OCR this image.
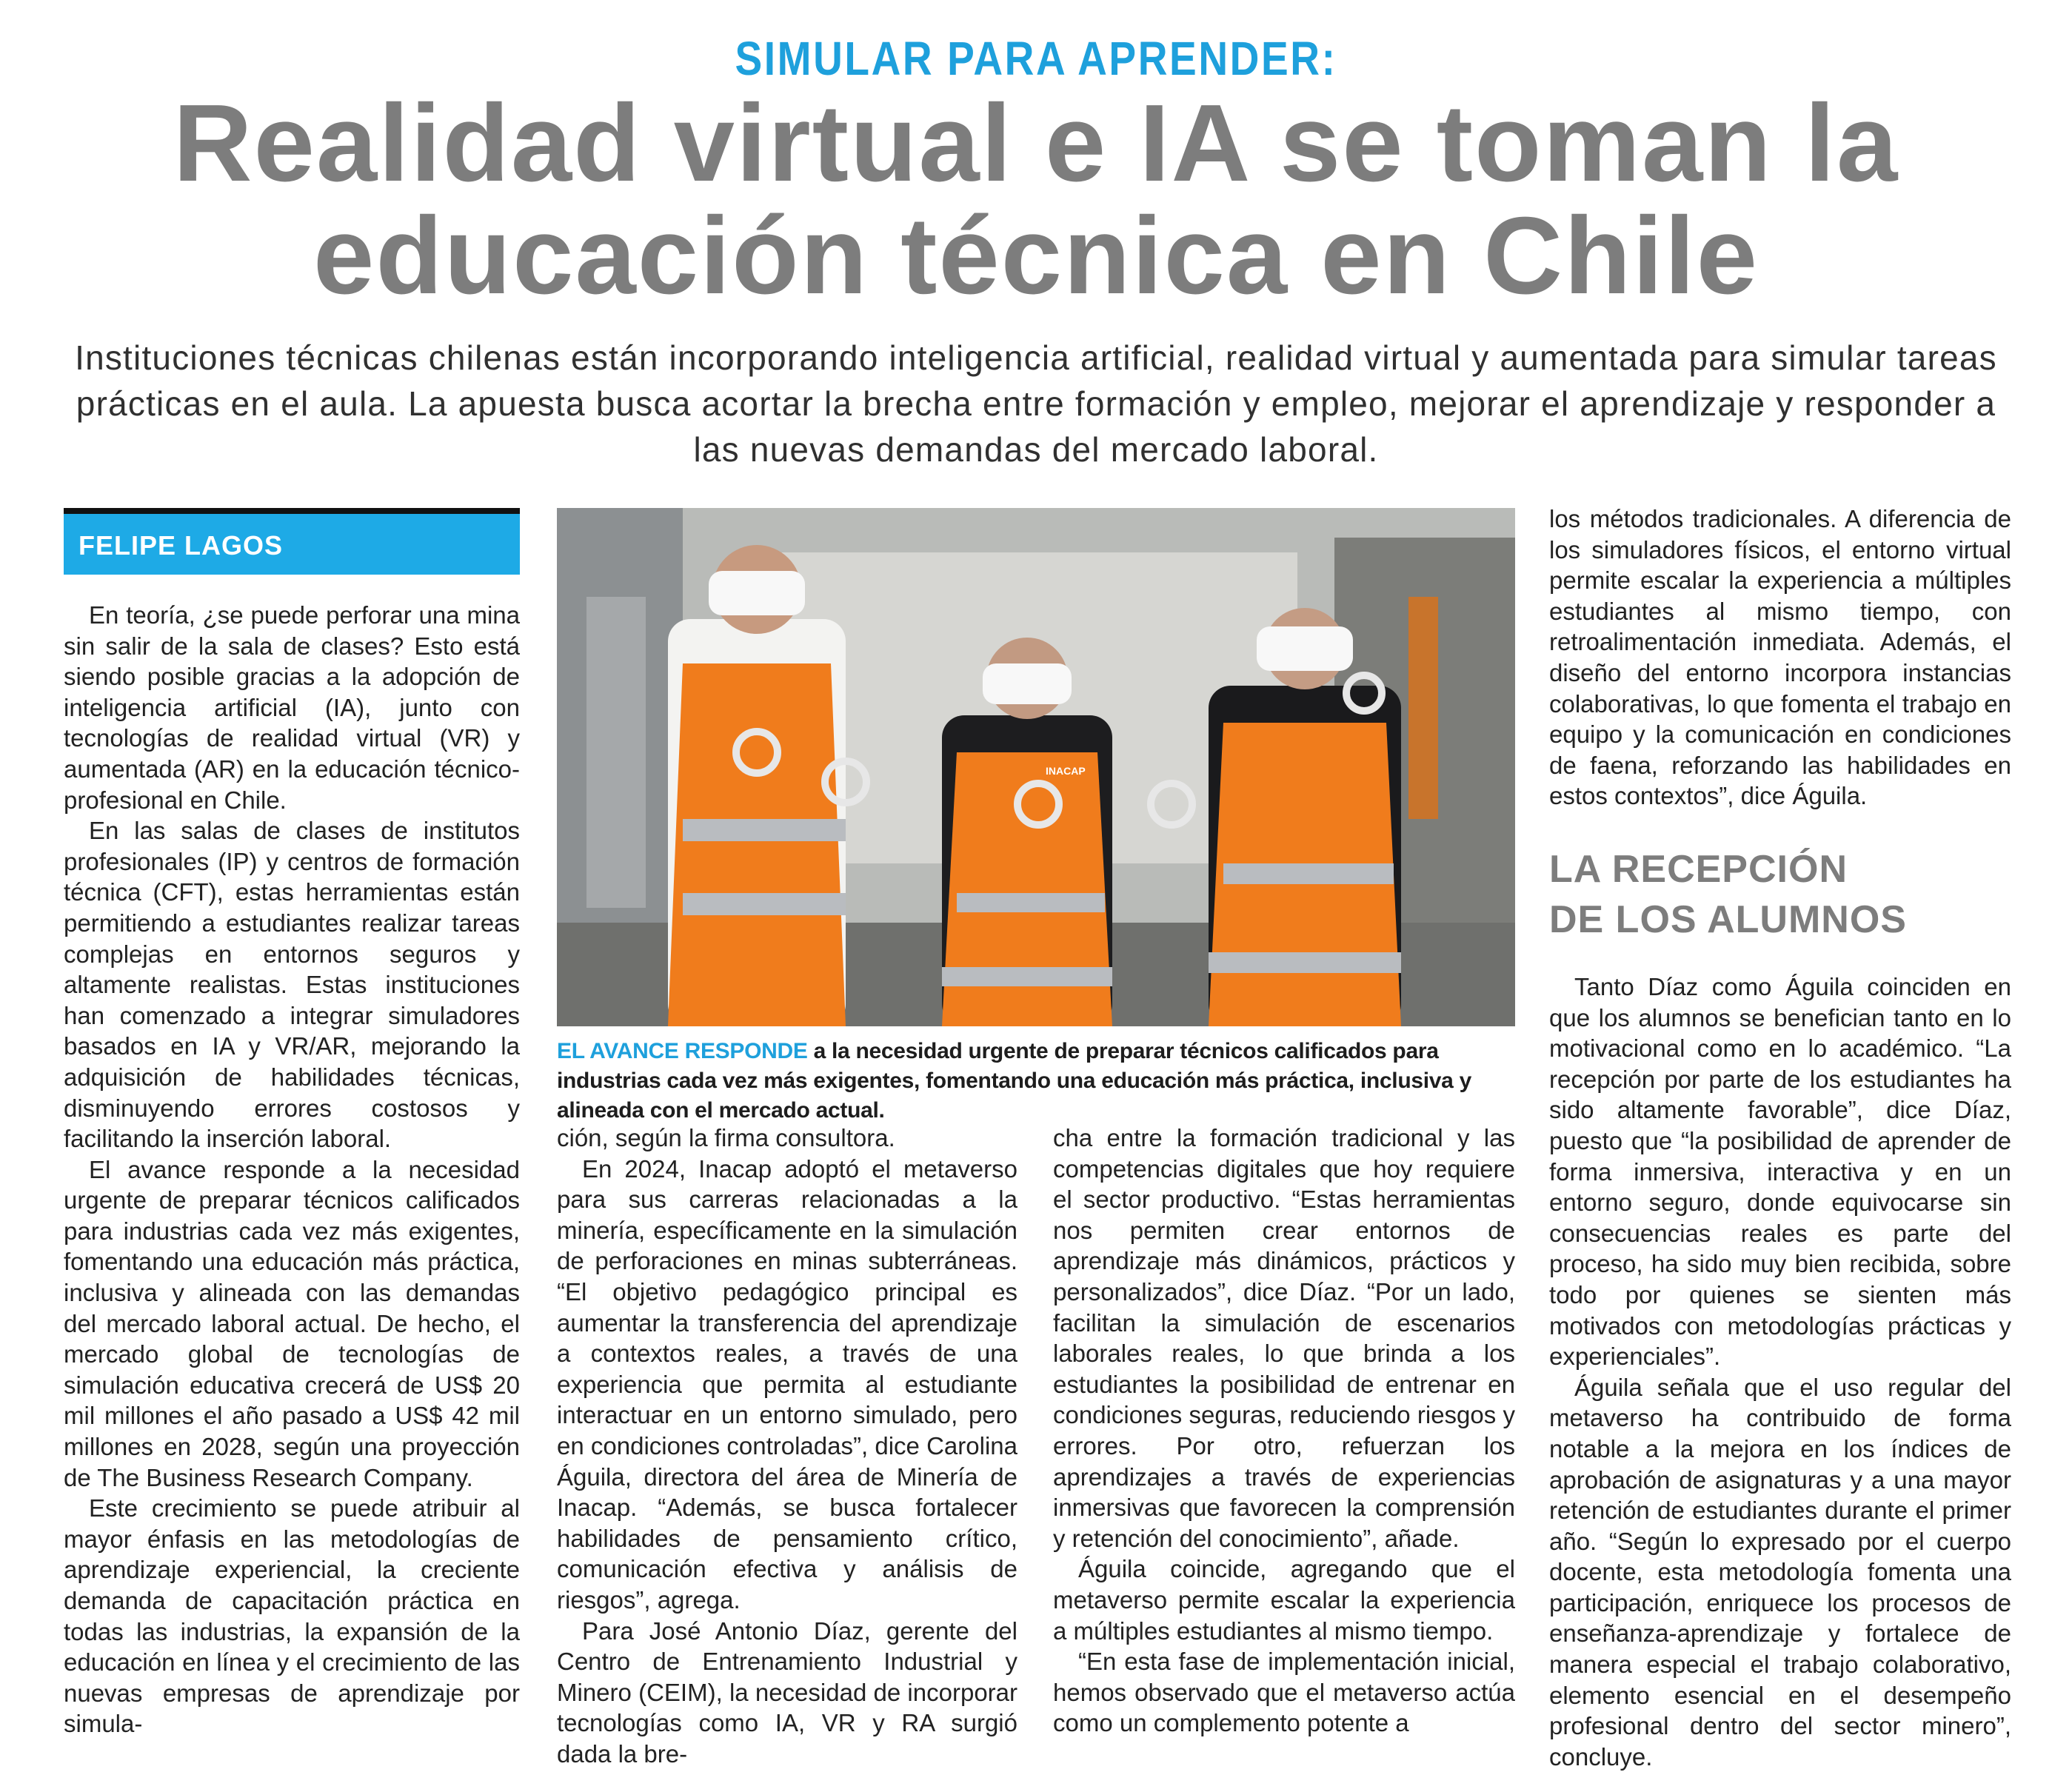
SIMULAR PARA APRENDER:
Realidad virtual e IA se toman la
educación técnica en Chile
Instituciones técnicas chilenas están incorporando inteligencia artificial, realidad virtual y aumentada para simular tareas prácticas en el aula. La apuesta busca acortar la brecha entre formación y empleo, mejorar el aprendizaje y responder a las nuevas demandas del mercado laboral.
FELIPE LAGOS

En teoría, ¿se puede perforar una mina sin salir de la sala de clases? Esto está siendo posible gracias a la adopción de inteligencia artificial (IA), junto con tecnologías de realidad virtual (VR) y aumentada (AR) en la educación técnico-profesional en Chile.

En las salas de clases de institutos profesionales (IP) y centros de formación técnica (CFT), estas herramientas están permitiendo a estudiantes realizar tareas complejas en entornos seguros y altamente realistas. Estas instituciones han comenzado a integrar simuladores basados en IA y VR/AR, mejorando la adquisición de habilidades técnicas, disminuyendo errores costosos y facilitando la inserción laboral.

El avance responde a la necesidad urgente de preparar técnicos calificados para industrias cada vez más exigentes, fomentando una educación más práctica, inclusiva y alineada con las demandas del mercado laboral actual. De hecho, el mercado global de tecnologías de simulación educativa crecerá de US$ 20 mil millones el año pasado a US$ 42 mil millones en 2028, según una proyección de The Business Research Company.

Este crecimiento se puede atribuir al mayor énfasis en las metodologías de aprendizaje experiencial, la creciente demanda de capacitación práctica en todas las industrias, la expansión de la educación en línea y el crecimiento de las nuevas empresas de aprendizaje por simula-

INACAP
EL AVANCE RESPONDE a la necesidad urgente de preparar técnicos calificados para industrias cada vez más exigentes, fomentando una educación más práctica, inclusiva y alineada con el mercado actual.

ción, según la firma consultora.

En 2024, Inacap adoptó el metaverso para sus carreras relacionadas a la minería, específicamente en la simulación de perforaciones en minas subterráneas. “El objetivo pedagógico principal es aumentar la transferencia del aprendizaje a contextos reales, a través de una experiencia que permita al estudiante interactuar en un entorno simulado, pero en condiciones controladas”, dice Carolina Águila, directora del área de Minería de Inacap. “Además, se busca fortalecer habilidades de pensamiento crítico, comunicación efectiva y análisis de riesgos”, agrega.

Para José Antonio Díaz, gerente del Centro de Entrenamiento Industrial y Minero (CEIM), la necesidad de incorporar tecnologías como IA, VR y RA surgió dada la bre-

cha entre la formación tradicional y las competencias digitales que hoy requiere el sector productivo. “Estas herramientas nos permiten crear entornos de aprendizaje más dinámicos, prácticos y personalizados”, dice Díaz. “Por un lado, facilitan la simulación de escenarios laborales reales, lo que brinda a los estudiantes la posibilidad de entrenar en condiciones seguras, reduciendo riesgos y errores. Por otro, refuerzan los aprendizajes a través de experiencias inmersivas que favorecen la comprensión y retención del conocimiento”, añade.

Águila coincide, agregando que el metaverso permite escalar la experiencia a múltiples estudiantes al mismo tiempo.

“En esta fase de implementación inicial, hemos observado que el metaverso actúa como un complemento potente a

los métodos tradicionales. A diferencia de los simuladores físicos, el entorno virtual permite escalar la experiencia a múltiples estudiantes al mismo tiempo, con retroalimentación inmediata. Además, el diseño del entorno incorpora instancias colaborativas, lo que fomenta el trabajo en equipo y la comunicación en condiciones de faena, reforzando las habilidades en estos contextos”, dice Águila.

LA RECEPCIÓN
DE LOS ALUMNOS

Tanto Díaz como Águila coinciden en que los alumnos se benefician tanto en lo motivacional como en lo académico. “La recepción por parte de los estudiantes ha sido altamente favorable”, dice Díaz, puesto que “la posibilidad de aprender de forma inmersiva, interactiva y en un entorno seguro, donde equivocarse sin consecuencias reales es parte del proceso, ha sido muy bien recibida, sobre todo por quienes se sienten más motivados con metodologías prácticas y experienciales”.

Águila señala que el uso regular del metaverso ha contribuido de forma notable a la mejora en los índices de aprobación de asignaturas y a una mayor retención de estudiantes durante el primer año. “Según lo expresado por el cuerpo docente, esta metodología fomenta una participación, enriquece los procesos de enseñanza-aprendizaje y fortalece de manera especial el trabajo colaborativo, elemento esencial en el desempeño profesional dentro del sector minero”, concluye.
